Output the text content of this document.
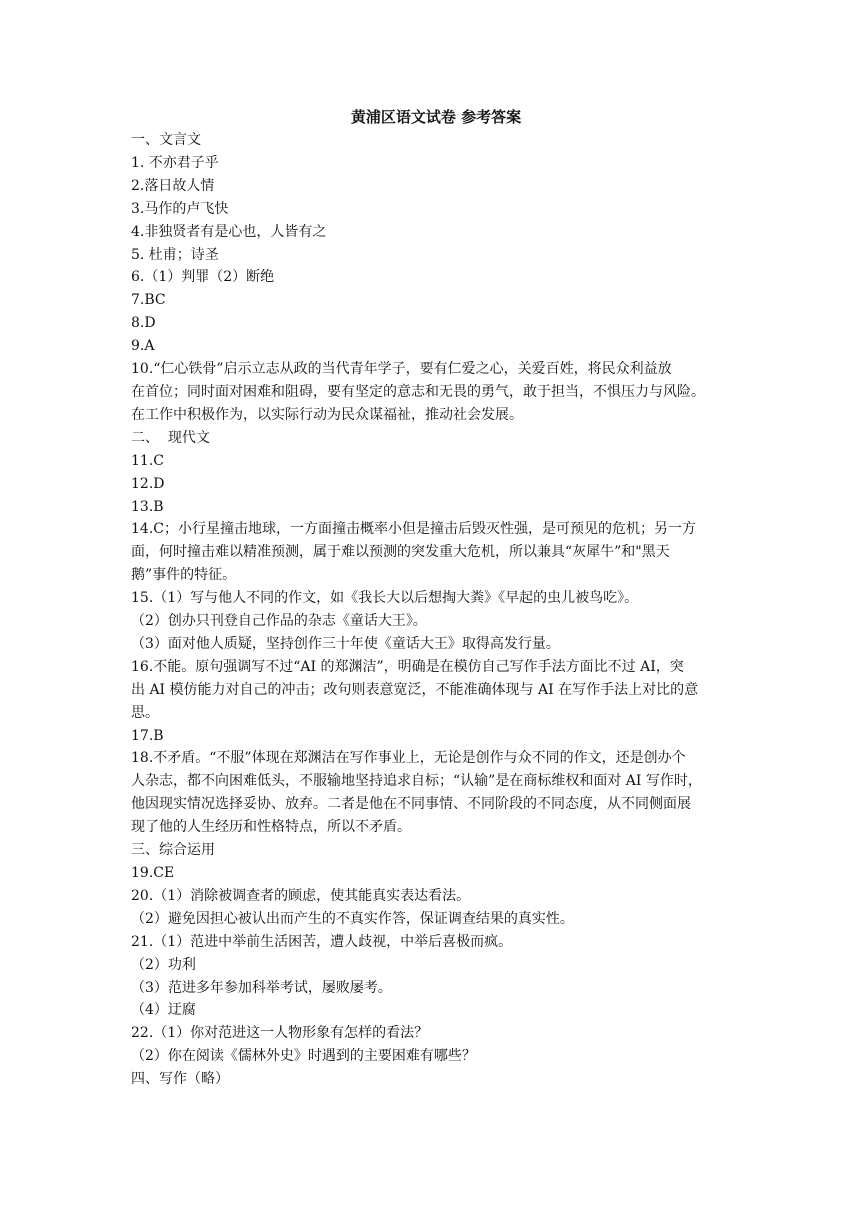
黄浦区语文试卷 参考答案
一、文言文
1. 不亦君子乎
2.落日故人情
3.马作的卢飞快
4.非独贤者有是心也，人皆有之
5. 杜甫；诗圣
6.（1）判罪（2）断绝
7.BC
8.D
9.A
10.“仁心铁骨”启示立志从政的当代青年学子，要有仁爱之心，关爱百姓，将民众利益放
在首位；同时面对困难和阻碍，要有坚定的意志和无畏的勇气，敢于担当，不惧压力与风险。
在工作中积极作为，以实际行动为民众谋福祉，推动社会发展。
二、  现代文
11.C
12.D
13.B
14.C；小行星撞击地球，一方面撞击概率小但是撞击后毁灭性强，是可预见的危机；另一方
面，何时撞击难以精准预测，属于难以预测的突发重大危机，所以兼具“灰犀牛”和"黑天
鹅”事件的特征。
15.（1）写与他人不同的作文，如《我长大以后想掏大粪》《早起的虫儿被鸟吃》。
（2）创办只刊登自己作品的杂志《童话大王》。
（3）面对他人质疑，坚持创作三十年使《童话大王》取得高发行量。
16.不能。原句强调写不过“AI 的郑渊洁”，明确是在模仿自己写作手法方面比不过 AI，突
出 AI 模仿能力对自己的冲击；改句则表意宽泛，不能准确体现与 AI 在写作手法上对比的意
思。
17.B
18.不矛盾。“不服”体现在郑渊洁在写作事业上，无论是创作与众不同的作文，还是创办个
人杂志，都不向困难低头，不服输地坚持追求自标；“认输”是在商标维权和面对 AI 写作时，
他因现实情况选择妥协、放弃。二者是他在不同事情、不同阶段的不同态度，从不同侧面展
现了他的人生经历和性格特点，所以不矛盾。
三、综合运用
19.CE
20.（1）消除被调查者的顾虑，使其能真实表达看法。
（2）避免因担心被认出而产生的不真实作答，保证调查结果的真实性。
21.（1）范进中举前生活困苦，遭人歧视，中举后喜极而疯。
（2）功利
（3）范进多年参加科举考试，屡败屡考。
（4）迂腐
22.（1）你对范进这一人物形象有怎样的看法？
（2）你在阅读《儒林外史》时遇到的主要困难有哪些？
四、写作（略）
